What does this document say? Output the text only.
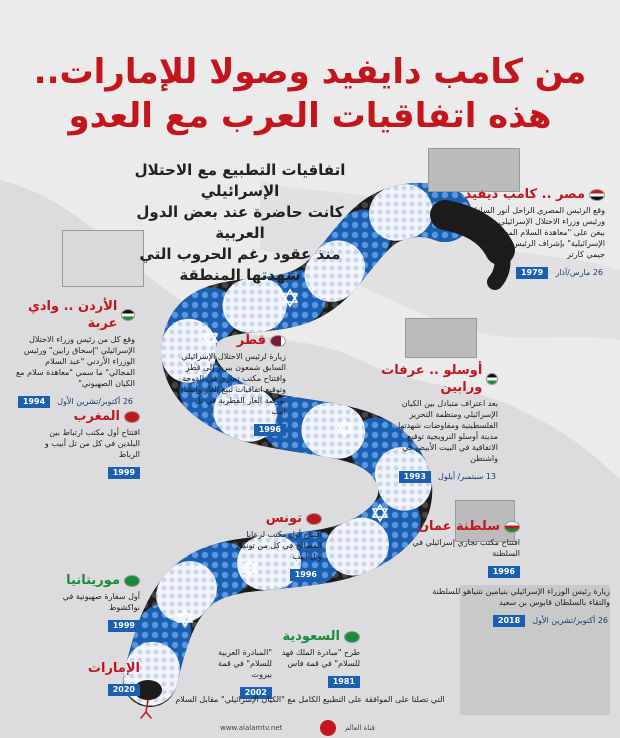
من كامب دايفيد وصولا للإمارات..
هذه اتفاقيات العرب مع العدو
اتفاقيات التطبيع مع الاحتلال الإسرائيلي
كانت حاضرة عند بعض الدول العربية
منذ عقود رغم الحروب التي
شهدتها المنطقة
مصر .. كامب ديفيد
وقع الرئيس المصري الراحل أنور السادات ورئيس وزراء الاحتلال الإسرائيلي مناحيم بيغن على "معاهدة السلام المصرية الإسرائيلية" بإشراف الرئيس الأمريكي جيمي كارتر
26 مارس/آذار 1979
الأردن .. وادي عربة
وقع كل من رئيس وزراء الاحتلال الإسرائيلي "إسحاق رابين" ورئيس الوزراء الأردني "عبد السلام المجالي" ما سمي "معاهدة سلام مع الكيان الصهيوني"
26 أكتوبر/تشرين الأول 1994
قطر
زيارة لرئيس الاحتلال الإسرائيلي السابق شمعون بيريز إلى قطر وافتتاح مكتب تجاري في الدوحة وتوقيع اتفاقيات لبيع الغاز وإنشاء بورصة الغاز القطرية في تل أبيب
1996
أوسلو .. عرفات ورابين
بعد اعتراف متبادل بين الكيان الإسرائيلي ومنظمة التحرير الفلسطينية ومفاوضات شهدتها مدينة أوسلو النرويجية توقيع الاتفاقية في البيت الأبيض في واشنطن
13 سبتمبر/ أيلول 1993
المغرب
افتتاح أول مكتب ارتباط بين البلدين في كل من تل أبيب و الرباط
1999
تونس
افتتاح أول مكتب لرعايا المصالح في كل من تونس وتل أبيب
1996
سلطنة عمان
افتتاح مكتب تجاري إسرائيلي في السلطنة
1996
زيارة رئيس الوزراء الإسرائيلي بنيامين نتنياهو للسلطنة والتقاء بالسلطان قابوس بن سعيد
26 أكتوبر/تشرين الأول 2018
موريتانيا
أول سفارة صهيونية في نواكشوط
1999
السعودية
طرح "مبادرة الملك فهد للسلام" في قمة فاس
1981
"المبادرة العربية للسلام" في قمة بيروت
2002
الإمارات
2020
التي تصلنا على الموافقة على التطبيع الكامل مع "الكيان الإسرائيلي" مقابل السلام
www.alalamtv.net	قناة العالم
